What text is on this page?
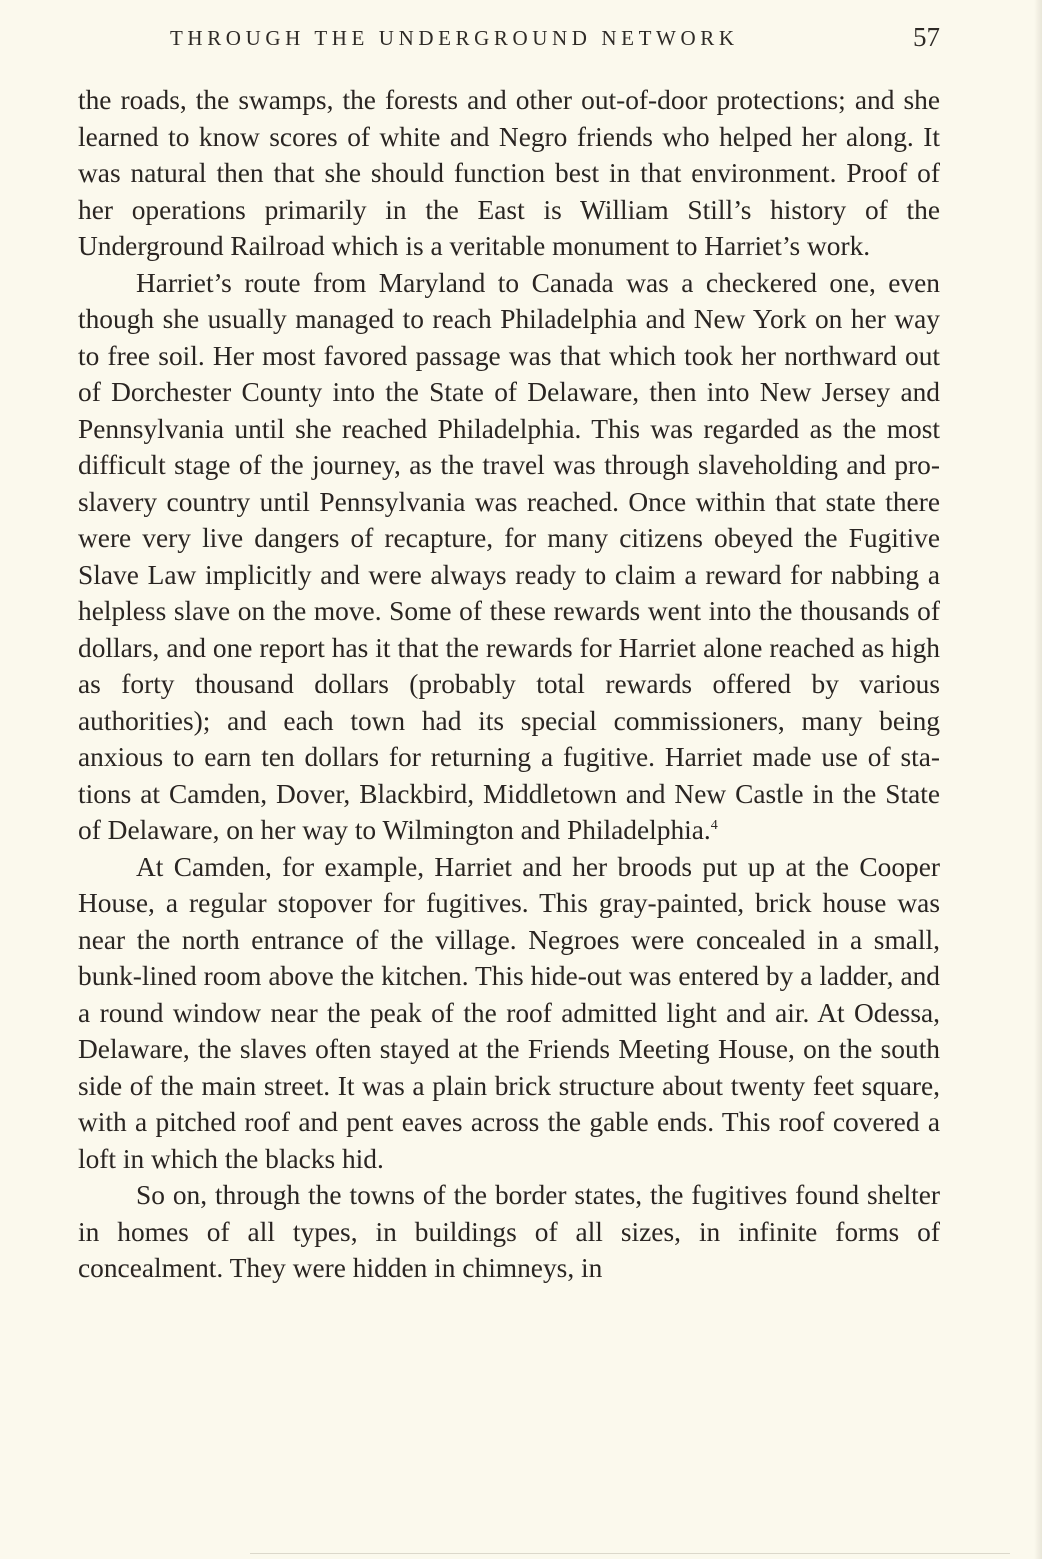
THROUGH THE UNDERGROUND NETWORK	57

the roads, the swamps, the forests and other out-of-door protections; and she learned to know scores of white and Negro friends who helped her along. It was natural then that she should function best in that environment. Proof of her operations primarily in the East is William Still’s history of the Underground Railroad which is a veritable monument to Harriet’s work.

Harriet’s route from Maryland to Canada was a checkered one, even though she usually managed to reach Philadelphia and New York on her way to free soil. Her most favored passage was that which took her northward out of Dorchester County into the State of Delaware, then into New Jersey and Pennsylvania until she reached Philadelphia. This was regarded as the most difficult stage of the journey, as the travel was through slaveholding and proslavery country until Pennsylvania was reached. Once within that state there were very live dangers of recapture, for many citizens obeyed the Fugitive Slave Law implicitly and were always ready to claim a reward for nabbing a helpless slave on the move. Some of these rewards went into the thousands of dollars, and one report has it that the rewards for Harriet alone reached as high as forty thousand dollars (probably total rewards offered by various authorities); and each town had its special commissioners, many being anxious to earn ten dollars for returning a fugitive. Harriet made use of stations at Camden, Dover, Blackbird, Middletown and New Castle in the State of Delaware, on her way to Wilmington and Philadelphia.$^4$

At Camden, for example, Harriet and her broods put up at the Cooper House, a regular stopover for fugitives. This gray-painted, brick house was near the north entrance of the village. Negroes were concealed in a small, bunk-lined room above the kitchen. This hide-out was entered by a ladder, and a round window near the peak of the roof admitted light and air. At Odessa, Delaware, the slaves often stayed at the Friends Meeting House, on the south side of the main street. It was a plain brick structure about twenty feet square, with a pitched roof and pent eaves across the gable ends. This roof covered a loft in which the blacks hid.

So on, through the towns of the border states, the fugitives found shelter in homes of all types, in buildings of all sizes, in infinite forms of concealment. They were hidden in chimneys, in
